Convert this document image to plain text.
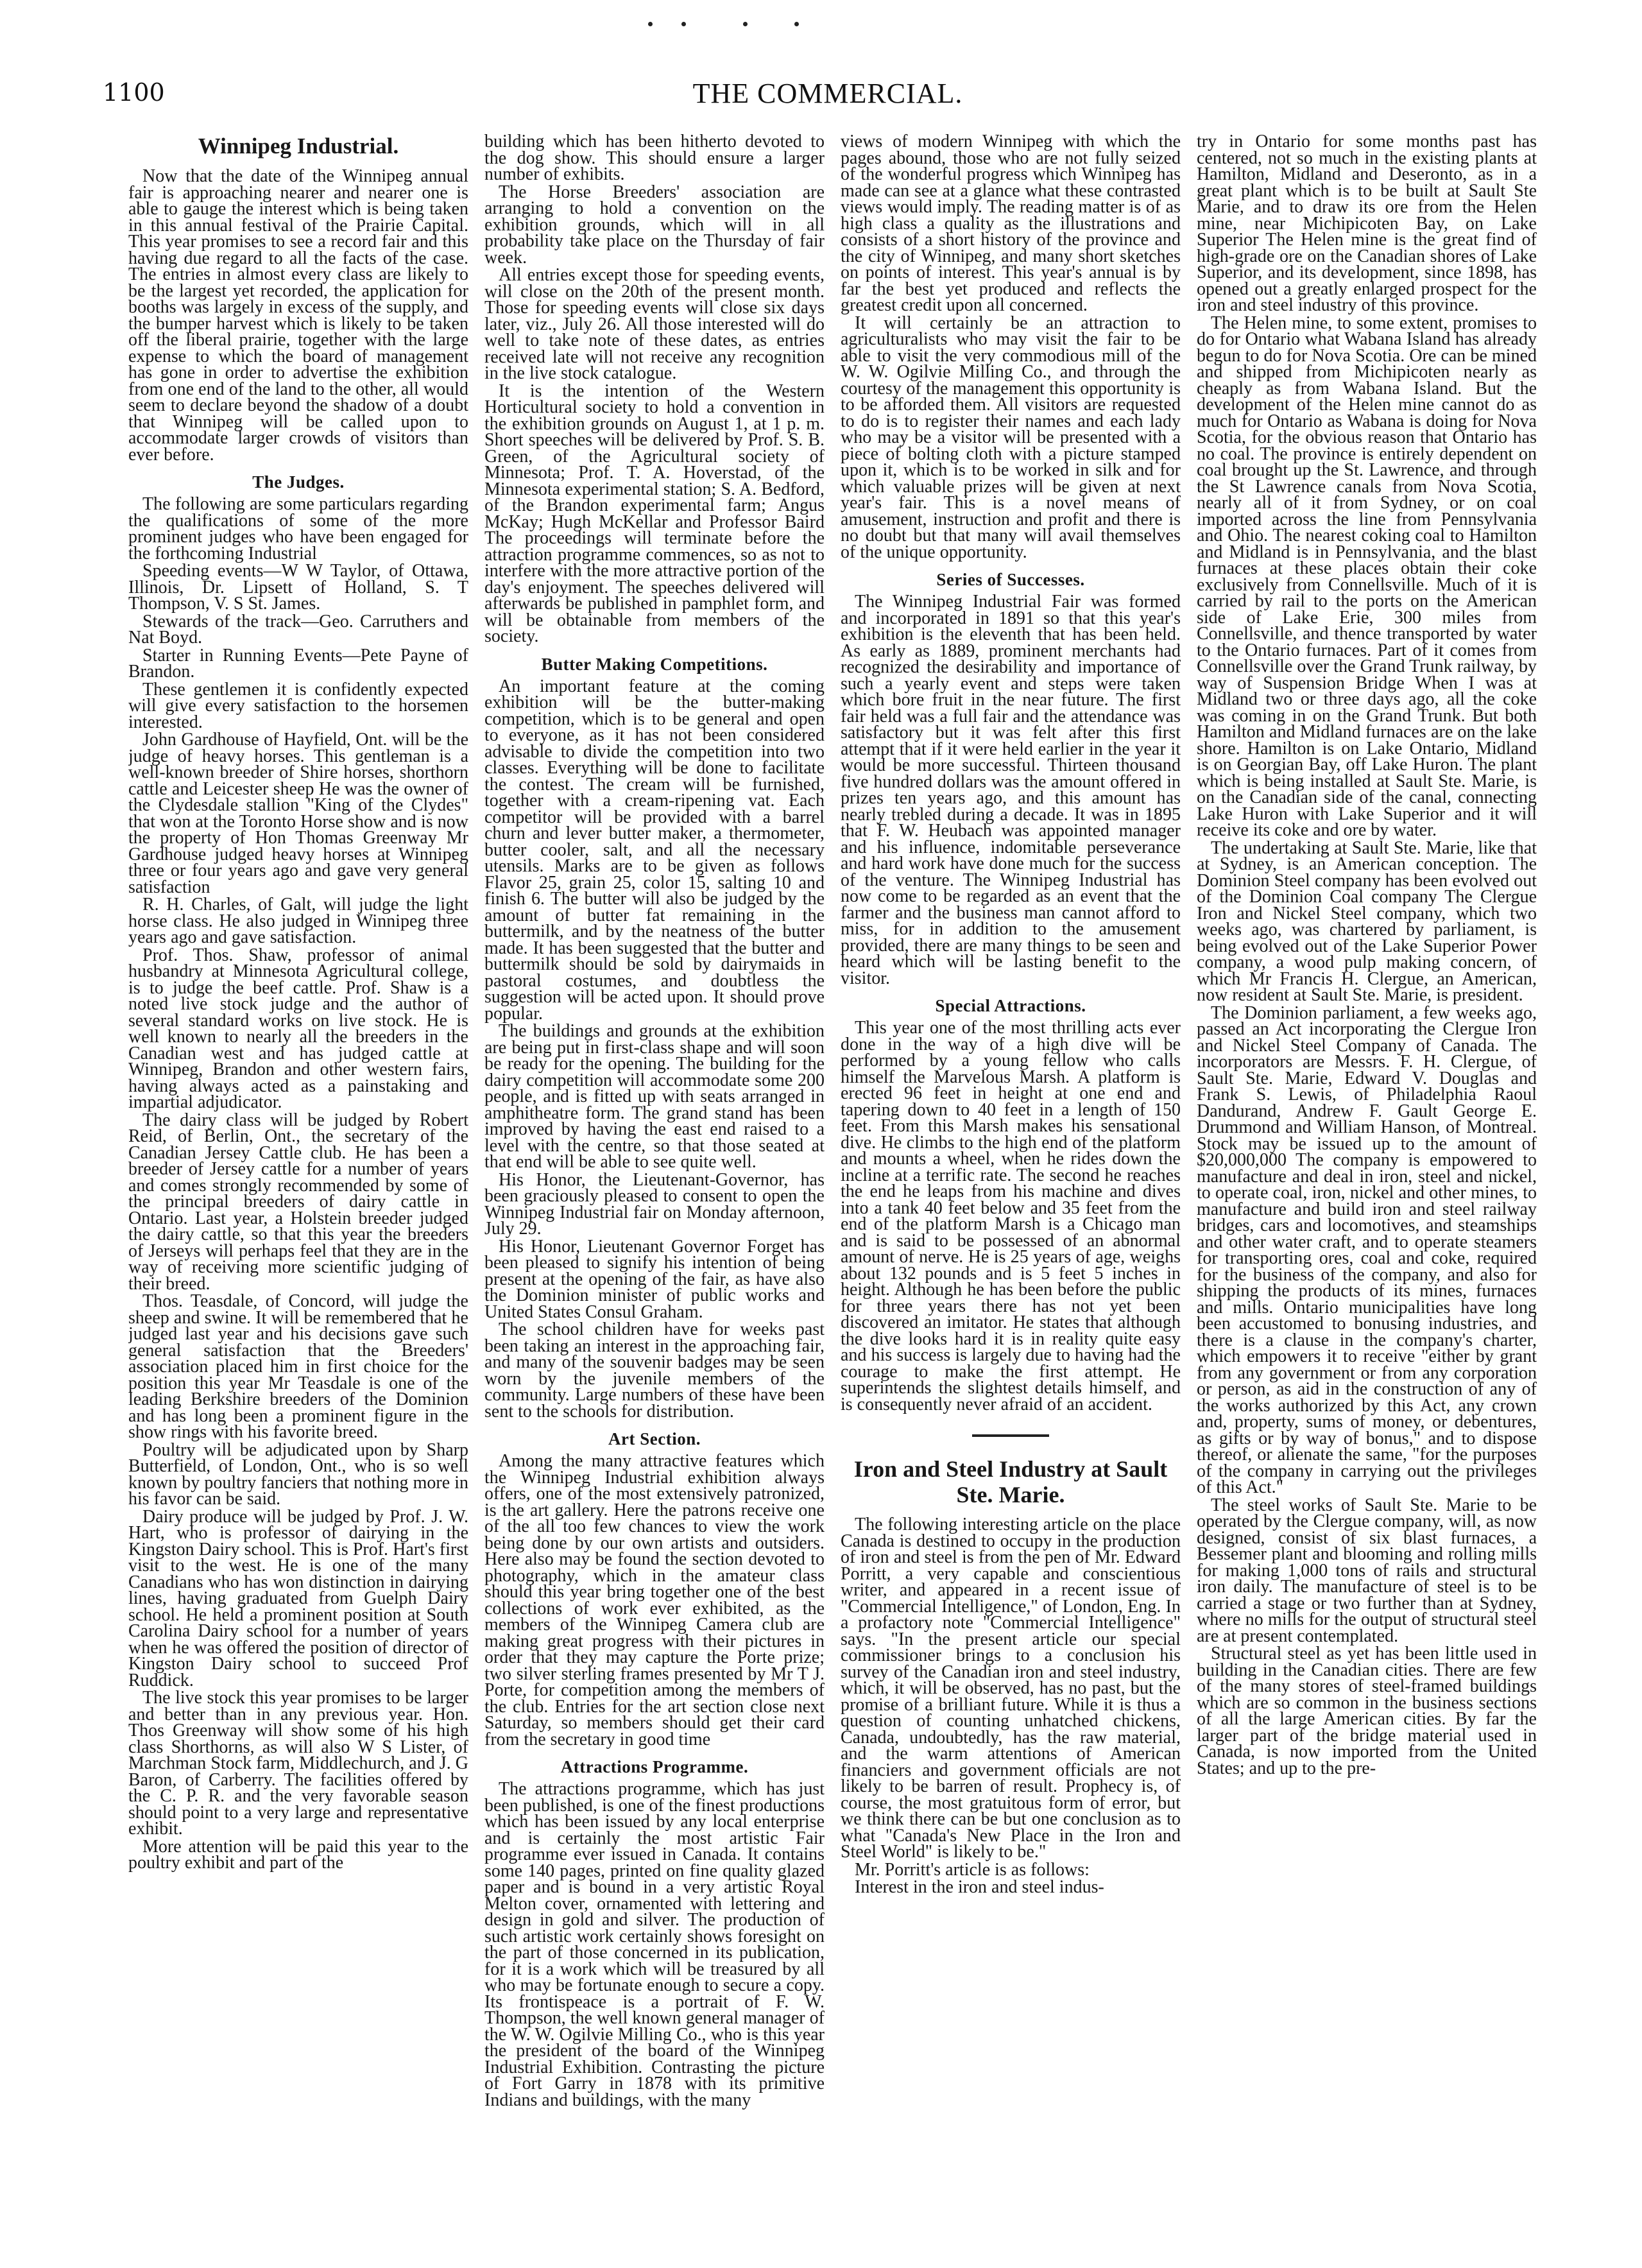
1100	THE COMMERCIAL.
Winnipeg Industrial.

Now that the date of the Winnipeg annual fair is approaching nearer and nearer one is able to gauge the interest which is being taken in this annual festival of the Prairie Capital. This year promises to see a record fair and this having due regard to all the facts of the case. The entries in almost every class are likely to be the largest yet recorded, the application for booths was largely in excess of the supply, and the bumper harvest which is likely to be taken off the liberal prairie, together with the large expense to which the board of management has gone in order to advertise the exhibition from one end of the land to the other, all would seem to declare beyond the shadow of a doubt that Winnipeg will be called upon to accommodate larger crowds of visitors than ever before.

The Judges.

The following are some particulars regarding the qualifications of some of the more prominent judges who have been engaged for the forthcoming Industrial

Speeding events—W W Taylor, of Ottawa, Illinois, Dr. Lipsett of Holland, S. T Thompson, V. S St. James.

Stewards of the track—Geo. Carruthers and Nat Boyd.

Starter in Running Events—Pete Payne of Brandon.

These gentlemen it is confidently expected will give every satisfaction to the horsemen interested.

John Gardhouse of Hayfield, Ont. will be the judge of heavy horses. This gentleman is a well-known breeder of Shire horses, shorthorn cattle and Leicester sheep He was the owner of the Clydesdale stallion "King of the Clydes" that won at the Toronto Horse show and is now the property of Hon Thomas Greenway Mr Gardhouse judged heavy horses at Winnipeg three or four years ago and gave very general satisfaction

R. H. Charles, of Galt, will judge the light horse class. He also judged in Winnipeg three years ago and gave satisfaction.

Prof. Thos. Shaw, professor of animal husbandry at Minnesota Agricultural college, is to judge the beef cattle. Prof. Shaw is a noted live stock judge and the author of several standard works on live stock. He is well known to nearly all the breeders in the Canadian west and has judged cattle at Winnipeg, Brandon and other western fairs, having always acted as a painstaking and impartial adjudicator.

The dairy class will be judged by Robert Reid, of Berlin, Ont., the secretary of the Canadian Jersey Cattle club. He has been a breeder of Jersey cattle for a number of years and comes strongly recommended by some of the principal breeders of dairy cattle in Ontario. Last year, a Holstein breeder judged the dairy cattle, so that this year the breeders of Jerseys will perhaps feel that they are in the way of receiving more scientific judging of their breed.

Thos. Teasdale, of Concord, will judge the sheep and swine. It will be remembered that he judged last year and his decisions gave such general satisfaction that the Breeders' association placed him in first choice for the position this year Mr Teasdale is one of the leading Berkshire breeders of the Dominion and has long been a prominent figure in the show rings with his favorite breed.

Poultry will be adjudicated upon by Sharp Butterfield, of London, Ont., who is so well known by poultry fanciers that nothing more in his favor can be said.

Dairy produce will be judged by Prof. J. W. Hart, who is professor of dairying in the Kingston Dairy school. This is Prof. Hart's first visit to the west. He is one of the many Canadians who has won distinction in dairying lines, having graduated from Guelph Dairy school. He held a prominent position at South Carolina Dairy school for a number of years when he was offered the position of director of Kingston Dairy school to succeed Prof Ruddick.

The live stock this year promises to be larger and better than in any previous year. Hon. Thos Greenway will show some of his high class Shorthorns, as will also W S Lister, of Marchman Stock farm, Middlechurch, and J. G Baron, of Carberry. The facilities offered by the C. P. R. and the very favorable season should point to a very large and representative exhibit.

More attention will be paid this year to the poultry exhibit and part of the

building which has been hitherto devoted to the dog show. This should ensure a larger number of exhibits.

The Horse Breeders' association are arranging to hold a convention on the exhibition grounds, which will in all probability take place on the Thursday of fair week.

All entries except those for speeding events, will close on the 20th of the present month. Those for speeding events will close six days later, viz., July 26. All those interested will do well to take note of these dates, as entries received late will not receive any recognition in the live stock catalogue.

It is the intention of the Western Horticultural society to hold a convention in the exhibition grounds on August 1, at 1 p. m. Short speeches will be delivered by Prof. S. B. Green, of the Agricultural society of Minnesota; Prof. T. A. Hoverstad, of the Minnesota experimental station; S. A. Bedford, of the Brandon experimental farm; Angus McKay; Hugh McKellar and Professor Baird The proceedings will terminate before the attraction programme commences, so as not to interfere with the more attractive portion of the day's enjoyment. The speeches delivered will afterwards be published in pamphlet form, and will be obtainable from members of the society.

Butter Making Competitions.

An important feature at the coming exhibition will be the butter-making competition, which is to be general and open to everyone, as it has not been considered advisable to divide the competition into two classes. Everything will be done to facilitate the contest. The cream will be furnished, together with a cream-ripening vat. Each competitor will be provided with a barrel churn and lever butter maker, a thermometer, butter cooler, salt, and all the necessary utensils. Marks are to be given as follows Flavor 25, grain 25, color 15, salting 10 and finish 6. The butter will also be judged by the amount of butter fat remaining in the buttermilk, and by the neatness of the butter made. It has been suggested that the butter and buttermilk should be sold by dairymaids in pastoral costumes, and doubtless the suggestion will be acted upon. It should prove popular.

The buildings and grounds at the exhibition are being put in first-class shape and will soon be ready for the opening. The building for the dairy competition will accommodate some 200 people, and is fitted up with seats arranged in amphitheatre form. The grand stand has been improved by having the east end raised to a level with the centre, so that those seated at that end will be able to see quite well.

His Honor, the Lieutenant-Governor, has been graciously pleased to consent to open the Winnipeg Industrial fair on Monday afternoon, July 29.

His Honor, Lieutenant Governor Forget has been pleased to signify his intention of being present at the opening of the fair, as have also the Dominion minister of public works and United States Consul Graham.

The school children have for weeks past been taking an interest in the approaching fair, and many of the souvenir badges may be seen worn by the juvenile members of the community. Large numbers of these have been sent to the schools for distribution.

Art Section.

Among the many attractive features which the Winnipeg Industrial exhibition always offers, one of the most extensively patronized, is the art gallery. Here the patrons receive one of the all too few chances to view the work being done by our own artists and outsiders. Here also may be found the section devoted to photography, which in the amateur class should this year bring together one of the best collections of work ever exhibited, as the members of the Winnipeg Camera club are making great progress with their pictures in order that they may capture the Porte prize; two silver sterling frames presented by Mr T J. Porte, for competition among the members of the club. Entries for the art section close next Saturday, so members should get their card from the secretary in good time

Attractions Programme.

The attractions programme, which has just been published, is one of the finest productions which has been issued by any local enterprise and is certainly the most artistic Fair programme ever issued in Canada. It contains some 140 pages, printed on fine quality glazed paper and is bound in a very artistic Royal Melton cover, ornamented with lettering and design in gold and silver. The production of such artistic work certainly shows foresight on the part of those concerned in its publication, for it is a work which will be treasured by all who may be fortunate enough to secure a copy. Its frontispeace is a portrait of F. W. Thompson, the well known general manager of the W. W. Ogilvie Milling Co., who is this year the president of the board of the Winnipeg Industrial Exhibition. Contrasting the picture of Fort Garry in 1878 with its primitive Indians and buildings, with the many

views of modern Winnipeg with which the pages abound, those who are not fully seized of the wonderful progress which Winnipeg has made can see at a glance what these contrasted views would imply. The reading matter is of as high class a quality as the illustrations and consists of a short history of the province and the city of Winnipeg, and many short sketches on points of interest. This year's annual is by far the best yet produced and reflects the greatest credit upon all concerned.

It will certainly be an attraction to agriculturalists who may visit the fair to be able to visit the very commodious mill of the W. W. Ogilvie Milling Co., and through the courtesy of the management this opportunity is to be afforded them. All visitors are requested to do is to register their names and each lady who may be a visitor will be presented with a piece of bolting cloth with a picture stamped upon it, which is to be worked in silk and for which valuable prizes will be given at next year's fair. This is a novel means of amusement, instruction and profit and there is no doubt but that many will avail themselves of the unique opportunity.

Series of Successes.

The Winnipeg Industrial Fair was formed and incorporated in 1891 so that this year's exhibition is the eleventh that has been held. As early as 1889, prominent merchants had recognized the desirability and importance of such a yearly event and steps were taken which bore fruit in the near future. The first fair held was a full fair and the attendance was satisfactory but it was felt after this first attempt that if it were held earlier in the year it would be more successful. Thirteen thousand five hundred dollars was the amount offered in prizes ten years ago, and this amount has nearly trebled during a decade. It was in 1895 that F. W. Heubach was appointed manager and his influence, indomitable perseverance and hard work have done much for the success of the venture. The Winnipeg Industrial has now come to be regarded as an event that the farmer and the business man cannot afford to miss, for in addition to the amusement provided, there are many things to be seen and heard which will be lasting benefit to the visitor.

Special Attractions.

This year one of the most thrilling acts ever done in the way of a high dive will be performed by a young fellow who calls himself the Marvelous Marsh. A platform is erected 96 feet in height at one end and tapering down to 40 feet in a length of 150 feet. From this Marsh makes his sensational dive. He climbs to the high end of the platform and mounts a wheel, when he rides down the incline at a terrific rate. The second he reaches the end he leaps from his machine and dives into a tank 40 feet below and 35 feet from the end of the platform Marsh is a Chicago man and is said to be possessed of an abnormal amount of nerve. He is 25 years of age, weighs about 132 pounds and is 5 feet 5 inches in height. Although he has been before the public for three years there has not yet been discovered an imitator. He states that although the dive looks hard it is in reality quite easy and his success is largely due to having had the courage to make the first attempt. He superintends the slightest details himself, and is consequently never afraid of an accident.

Iron and Steel Industry at Sault Ste. Marie.

The following interesting article on the place Canada is destined to occupy in the production of iron and steel is from the pen of Mr. Edward Porritt, a very capable and conscientious writer, and appeared in a recent issue of "Commercial Intelligence," of London, Eng. In a profactory note "Commercial Intelligence" says. "In the present article our special commissioner brings to a conclusion his survey of the Canadian iron and steel industry, which, it will be observed, has no past, but the promise of a brilliant future. While it is thus a question of counting unhatched chickens, Canada, undoubtedly, has the raw material, and the warm attentions of American financiers and government officials are not likely to be barren of result. Prophecy is, of course, the most gratuitous form of error, but we think there can be but one conclusion as to what "Canada's New Place in the Iron and Steel World" is likely to be."

Mr. Porritt's article is as follows:

Interest in the iron and steel indus-

try in Ontario for some months past has centered, not so much in the existing plants at Hamilton, Midland and Deseronto, as in a great plant which is to be built at Sault Ste Marie, and to draw its ore from the Helen mine, near Michipicoten Bay, on Lake Superior The Helen mine is the great find of high-grade ore on the Canadian shores of Lake Superior, and its development, since 1898, has opened out a greatly enlarged prospect for the iron and steel industry of this province.

The Helen mine, to some extent, promises to do for Ontario what Wabana Island has already begun to do for Nova Scotia. Ore can be mined and shipped from Michipicoten nearly as cheaply as from Wabana Island. But the development of the Helen mine cannot do as much for Ontario as Wabana is doing for Nova Scotia, for the obvious reason that Ontario has no coal. The province is entirely dependent on coal brought up the St. Lawrence, and through the St Lawrence canals from Nova Scotia, nearly all of it from Sydney, or on coal imported across the line from Pennsylvania and Ohio. The nearest coking coal to Hamilton and Midland is in Pennsylvania, and the blast furnaces at these places obtain their coke exclusively from Connellsville. Much of it is carried by rail to the ports on the American side of Lake Erie, 300 miles from Connellsville, and thence transported by water to the Ontario furnaces. Part of it comes from Connellsville over the Grand Trunk railway, by way of Suspension Bridge When I was at Midland two or three days ago, all the coke was coming in on the Grand Trunk. But both Hamilton and Midland furnaces are on the lake shore. Hamilton is on Lake Ontario, Midland is on Georgian Bay, off Lake Huron. The plant which is being installed at Sault Ste. Marie, is on the Canadian side of the canal, connecting Lake Huron with Lake Superior and it will receive its coke and ore by water.

The undertaking at Sault Ste. Marie, like that at Sydney, is an American conception. The Dominion Steel company has been evolved out of the Dominion Coal company The Clergue Iron and Nickel Steel company, which two weeks ago, was chartered by parliament, is being evolved out of the Lake Superior Power company, a wood pulp making concern, of which Mr Francis H. Clergue, an American, now resident at Sault Ste. Marie, is president.

The Dominion parliament, a few weeks ago, passed an Act incorporating the Clergue Iron and Nickel Steel Company of Canada. The incorporators are Messrs. F. H. Clergue, of Sault Ste. Marie, Edward V. Douglas and Frank S. Lewis, of Philadelphia Raoul Dandurand, Andrew F. Gault George E. Drummond and William Hanson, of Montreal. Stock may be issued up to the amount of $20,000,000 The company is empowered to manufacture and deal in iron, steel and nickel, to operate coal, iron, nickel and other mines, to manufacture and build iron and steel railway bridges, cars and locomotives, and steamships and other water craft, and to operate steamers for transporting ores, coal and coke, required for the business of the company, and also for shipping the products of its mines, furnaces and mills. Ontario municipalities have long been accustomed to bonusing industries, and there is a clause in the company's charter, which empowers it to receive "either by grant from any government or from any corporation or person, as aid in the construction of any of the works authorized by this Act, any crown and, property, sums of money, or debentures, as gifts or by way of bonus," and to dispose thereof, or alienate the same, "for the purposes of the company in carrying out the privileges of this Act."

The steel works of Sault Ste. Marie to be operated by the Clergue company, will, as now designed, consist of six blast furnaces, a Bessemer plant and blooming and rolling mills for making 1,000 tons of rails and structural iron daily. The manufacture of steel is to be carried a stage or two further than at Sydney, where no mills for the output of structural steel are at present contemplated.

Structural steel as yet has been little used in building in the Canadian cities. There are few of the many stores of steel-framed buildings which are so common in the business sections of all the large American cities. By far the larger part of the bridge material used in Canada, is now imported from the United States; and up to the pre-
